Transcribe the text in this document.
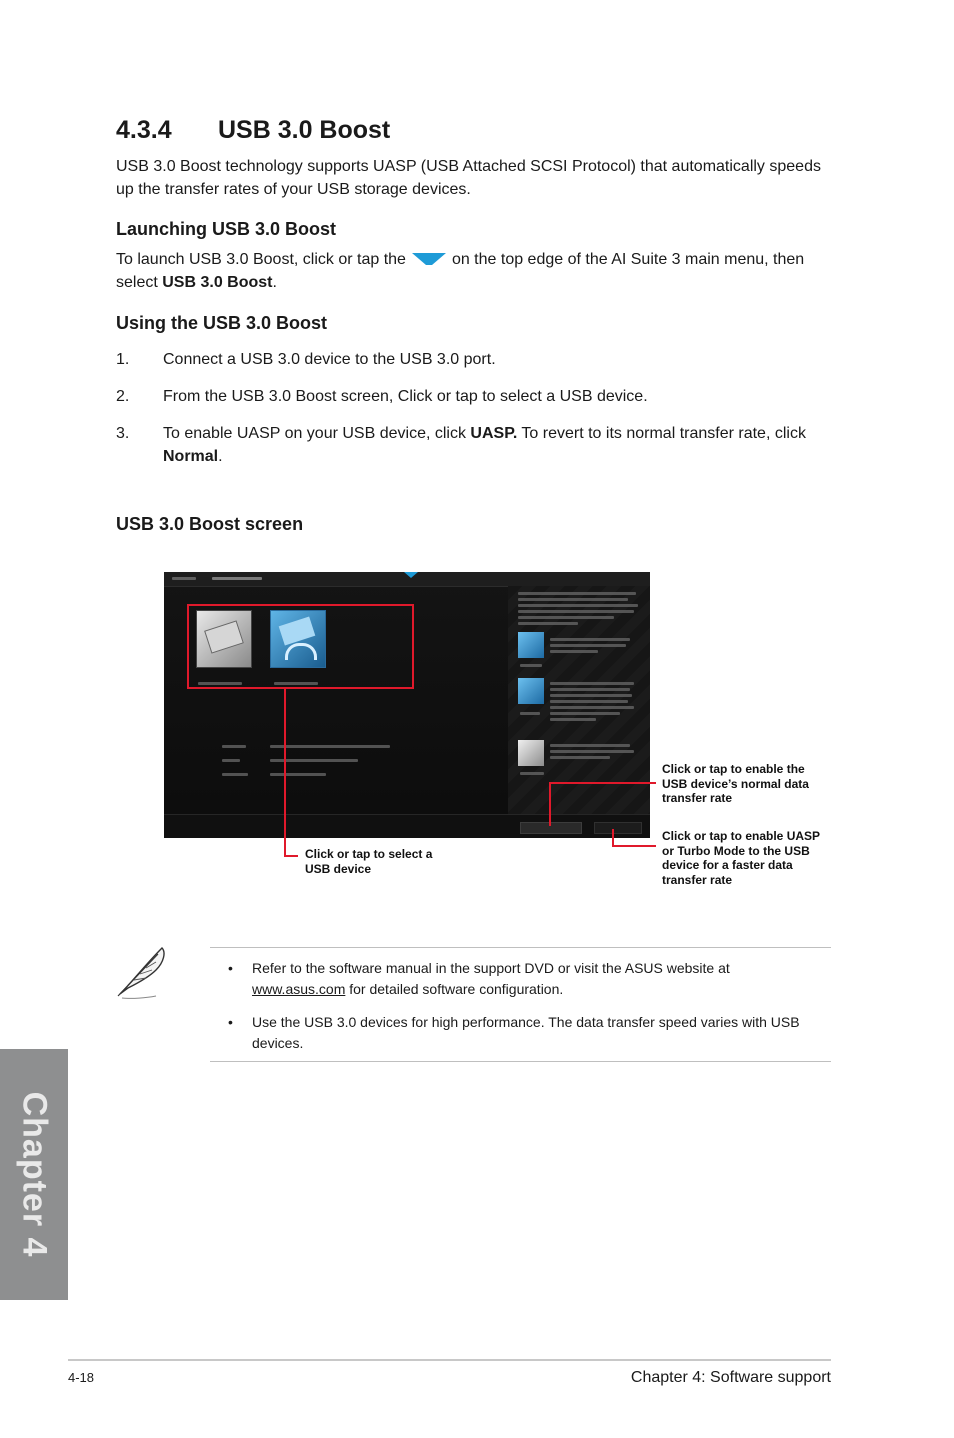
4.3.4 USB 3.0 Boost

USB 3.0 Boost technology supports UASP (USB Attached SCSI Protocol) that automatically speeds up the transfer rates of your USB storage devices.

Launching USB 3.0 Boost

To launch USB 3.0 Boost, click or tap the	on the top edge of the AI Suite 3 main menu, then select USB 3.0 Boost.

Using the USB 3.0 Boost
1. Connect a USB 3.0 device to the USB 3.0 port.
2. From the USB 3.0 Boost screen, Click or tap to select a USB device.
3. To enable UASP on your USB device, click UASP. To revert to its normal transfer rate, click Normal.
USB 3.0 Boost screen
Click or tap to select a USB device
Click or tap to enable the USB device’s normal data transfer rate
Click or tap to enable UASP or Turbo Mode to the USB device for a faster data transfer rate
• Refer to the software manual in the support DVD or visit the ASUS website at www.asus.com for detailed software configuration.
• Use the USB 3.0 devices for high performance. The data transfer speed varies with USB devices.
Chapter 4
4-18	Chapter 4: Software support
